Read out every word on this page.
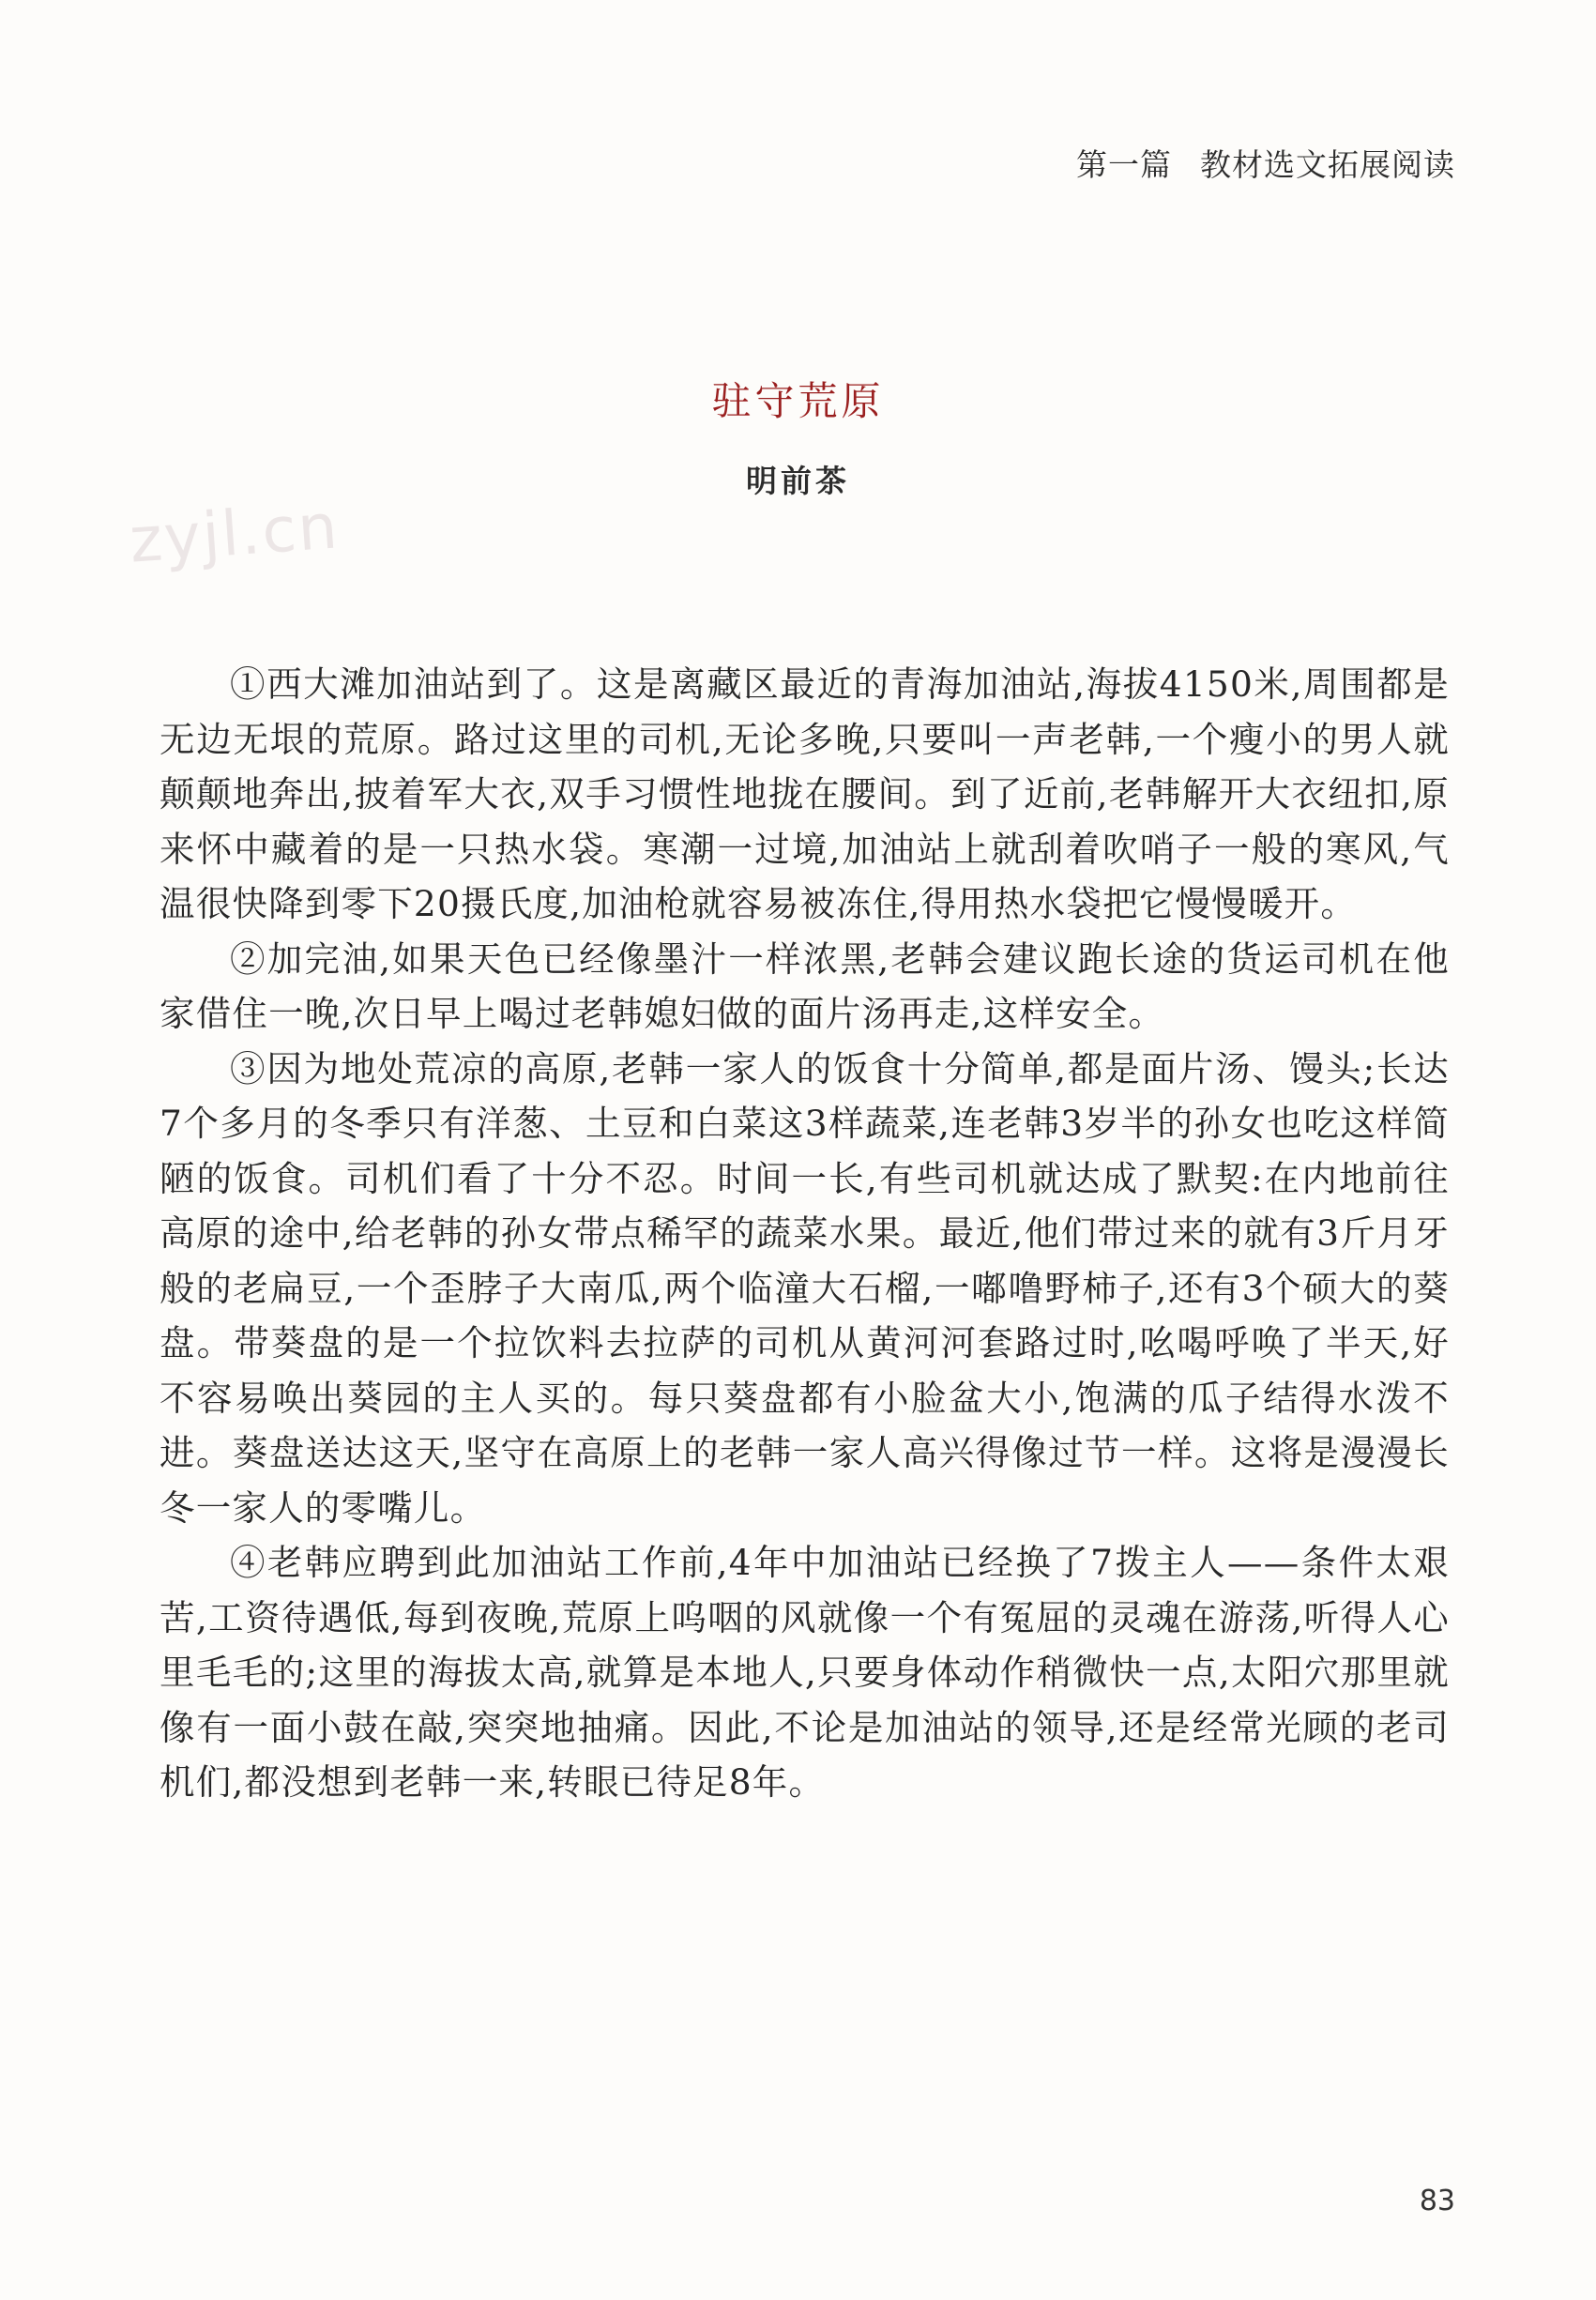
第一篇 教材选文拓展阅读
zyjl.cn
驻守荒原
明前茶

①西大滩加油站到了。这是离藏区最近的青海加油站,海拔4150米,周围都是无边无垠的荒原。路过这里的司机,无论多晚,只要叫一声老韩,一个瘦小的男人就颠颠地奔出,披着军大衣,双手习惯性地拢在腰间。到了近前,老韩解开大衣纽扣,原来怀中藏着的是一只热水袋。寒潮一过境,加油站上就刮着吹哨子一般的寒风,气温很快降到零下20摄氏度,加油枪就容易被冻住,得用热水袋把它慢慢暖开。

②加完油,如果天色已经像墨汁一样浓黑,老韩会建议跑长途的货运司机在他家借住一晚,次日早上喝过老韩媳妇做的面片汤再走,这样安全。

③因为地处荒凉的高原,老韩一家人的饭食十分简单,都是面片汤、馒头;长达7个多月的冬季只有洋葱、土豆和白菜这3样蔬菜,连老韩3岁半的孙女也吃这样简陋的饭食。司机们看了十分不忍。时间一长,有些司机就达成了默契:在内地前往高原的途中,给老韩的孙女带点稀罕的蔬菜水果。最近,他们带过来的就有3斤月牙般的老扁豆,一个歪脖子大南瓜,两个临潼大石榴,一嘟噜野柿子,还有3个硕大的葵盘。带葵盘的是一个拉饮料去拉萨的司机从黄河河套路过时,吆喝呼唤了半天,好不容易唤出葵园的主人买的。每只葵盘都有小脸盆大小,饱满的瓜子结得水泼不进。葵盘送达这天,坚守在高原上的老韩一家人高兴得像过节一样。这将是漫漫长冬一家人的零嘴儿。

④老韩应聘到此加油站工作前,4年中加油站已经换了7拨主人——条件太艰苦,工资待遇低,每到夜晚,荒原上呜咽的风就像一个有冤屈的灵魂在游荡,听得人心里毛毛的;这里的海拔太高,就算是本地人,只要身体动作稍微快一点,太阳穴那里就像有一面小鼓在敲,突突地抽痛。因此,不论是加油站的领导,还是经常光顾的老司机们,都没想到老韩一来,转眼已待足8年。

83
